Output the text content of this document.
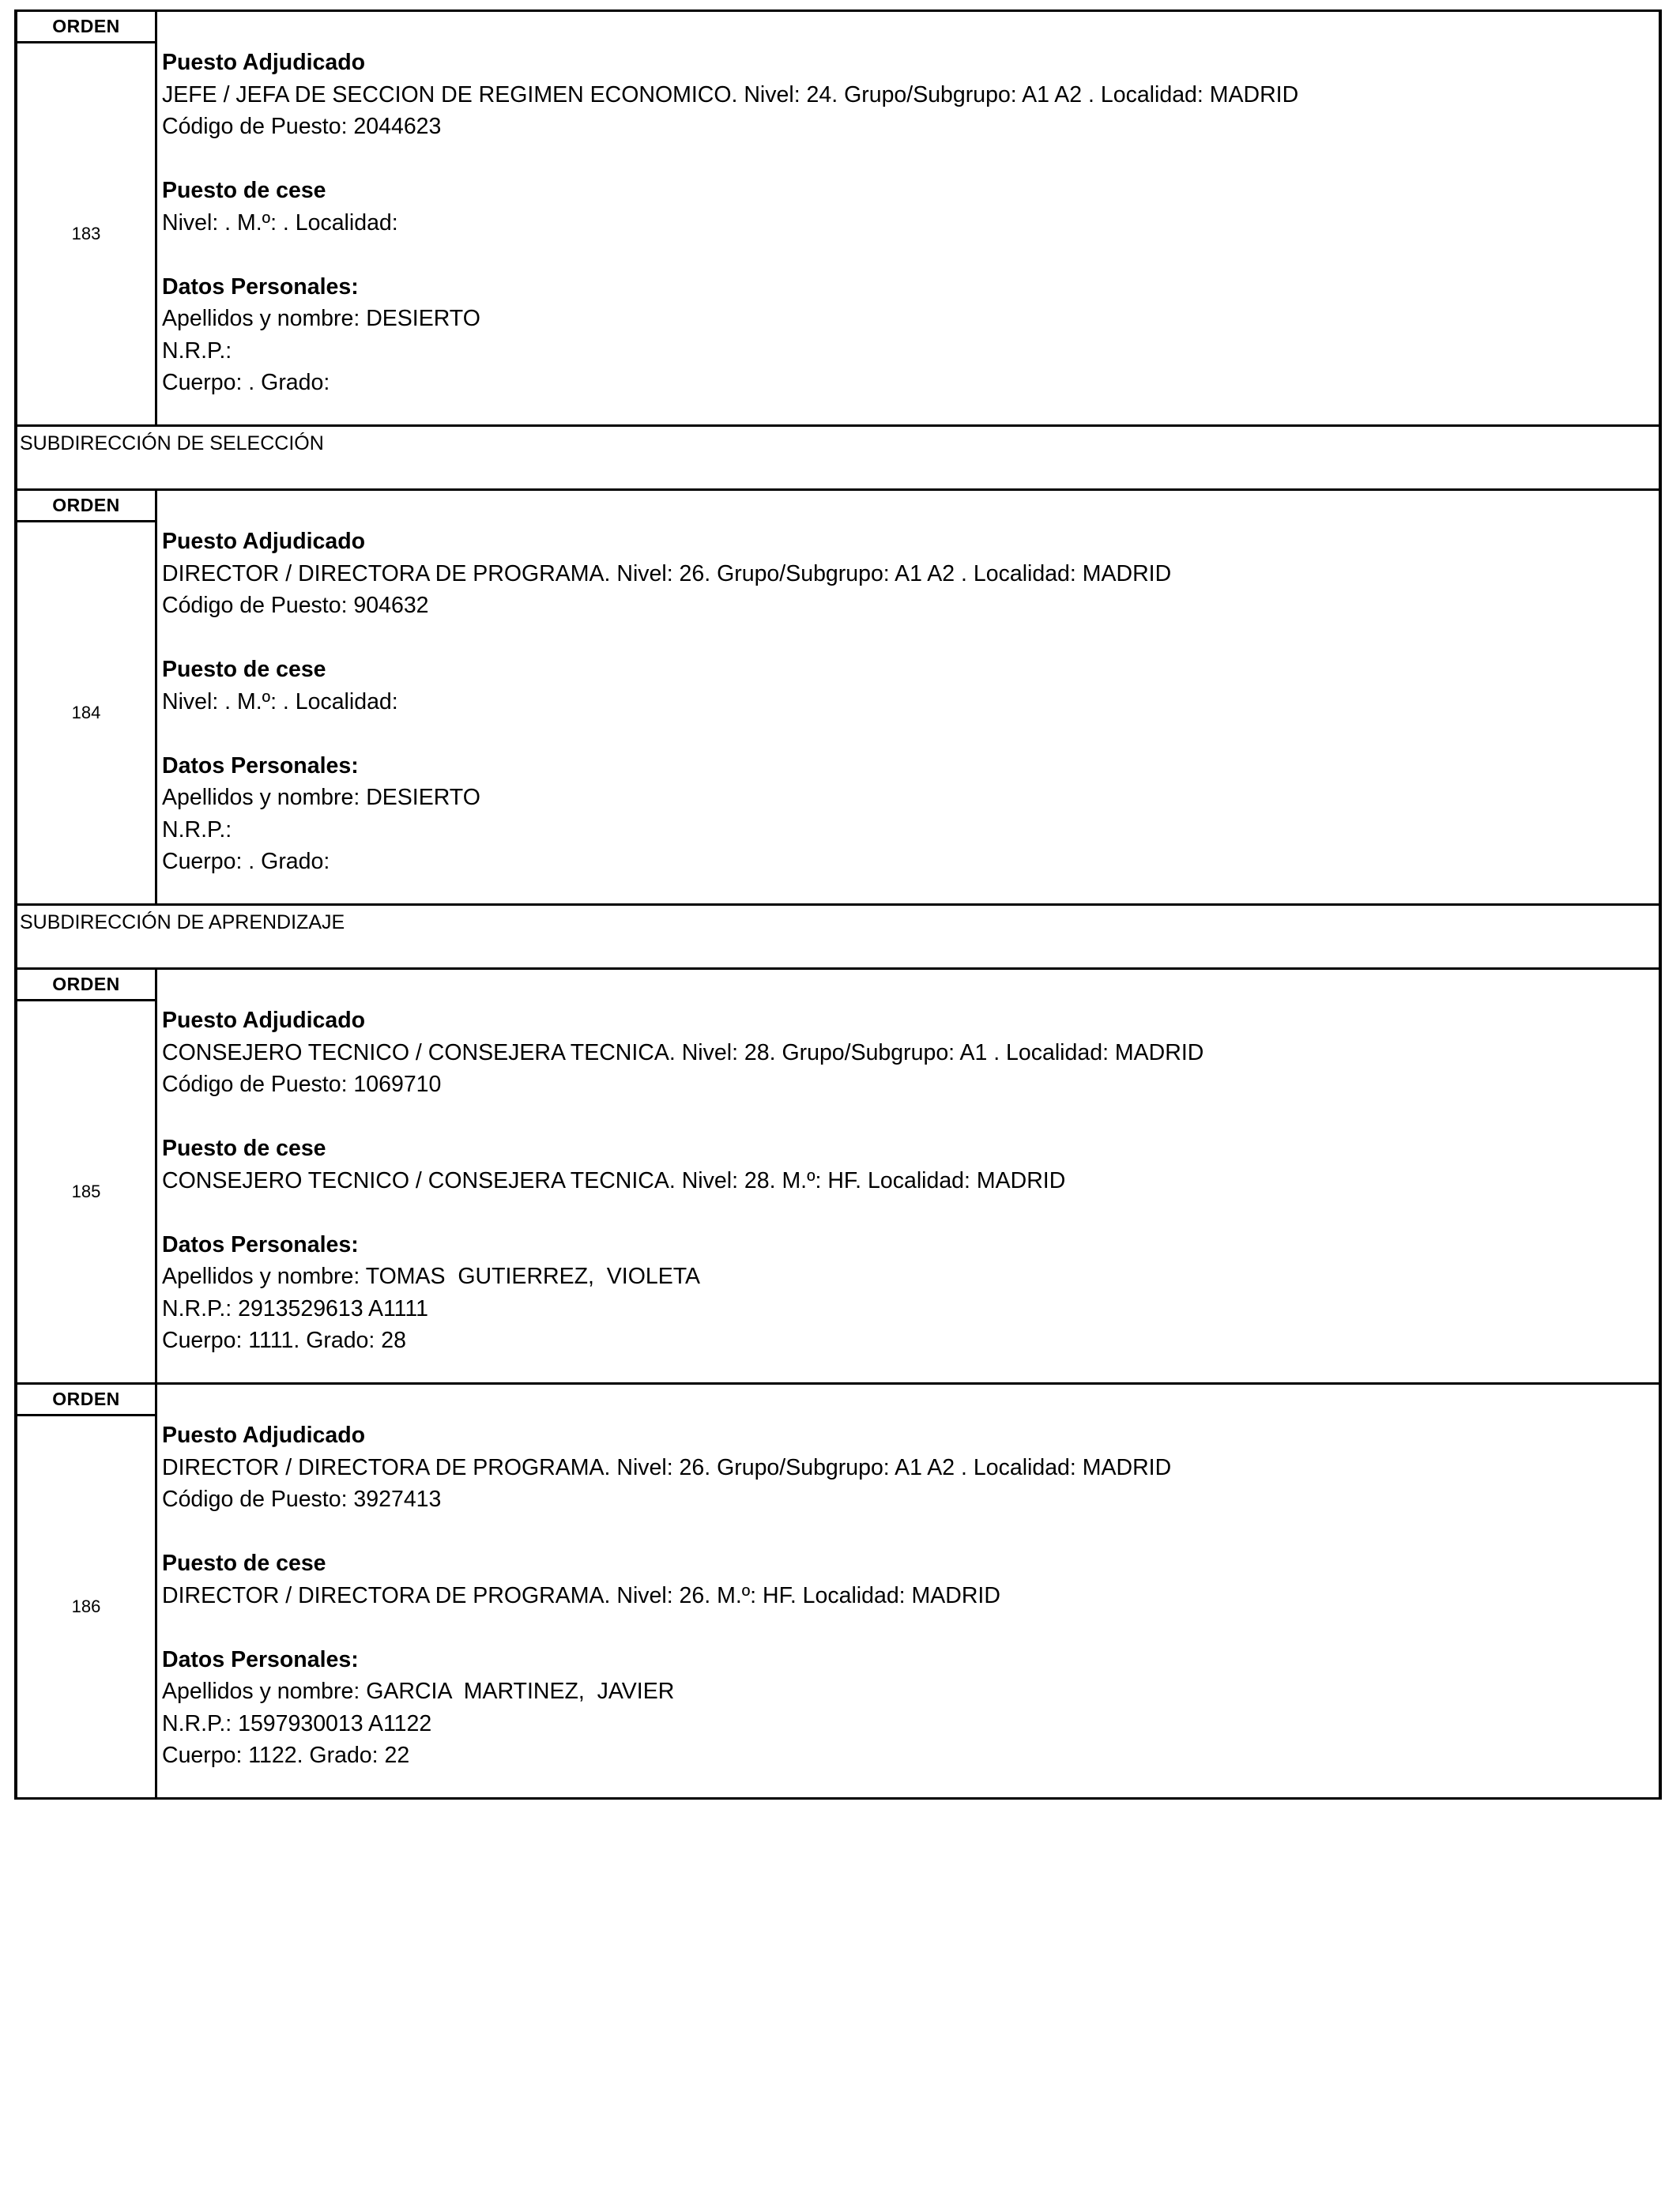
ORDEN
183
Puesto Adjudicado
JEFE / JEFA DE SECCION DE REGIMEN ECONOMICO. Nivel: 24. Grupo/Subgrupo: A1 A2 . Localidad: MADRID
Código de Puesto: 2044623
Puesto de cese
Nivel: . M.º: . Localidad:
Datos Personales:
Apellidos y nombre: DESIERTO
N.R.P.:
Cuerpo: . Grado:
SUBDIRECCIÓN DE SELECCIÓN
ORDEN
184
Puesto Adjudicado
DIRECTOR / DIRECTORA DE PROGRAMA. Nivel: 26. Grupo/Subgrupo: A1 A2 . Localidad: MADRID
Código de Puesto: 904632
Puesto de cese
Nivel: . M.º: . Localidad:
Datos Personales:
Apellidos y nombre: DESIERTO
N.R.P.:
Cuerpo: . Grado:
SUBDIRECCIÓN DE APRENDIZAJE
ORDEN
185
Puesto Adjudicado
CONSEJERO TECNICO / CONSEJERA TECNICA. Nivel: 28. Grupo/Subgrupo: A1 . Localidad: MADRID
Código de Puesto: 1069710
Puesto de cese
CONSEJERO TECNICO / CONSEJERA TECNICA. Nivel: 28. M.º: HF. Localidad: MADRID
Datos Personales:
Apellidos y nombre: TOMAS  GUTIERREZ,  VIOLETA
N.R.P.: 2913529613 A1111
Cuerpo: 1111. Grado: 28
ORDEN
186
Puesto Adjudicado
DIRECTOR / DIRECTORA DE PROGRAMA. Nivel: 26. Grupo/Subgrupo: A1 A2 . Localidad: MADRID
Código de Puesto: 3927413
Puesto de cese
DIRECTOR / DIRECTORA DE PROGRAMA. Nivel: 26. M.º: HF. Localidad: MADRID
Datos Personales:
Apellidos y nombre: GARCIA  MARTINEZ,  JAVIER
N.R.P.: 1597930013 A1122
Cuerpo: 1122. Grado: 22
